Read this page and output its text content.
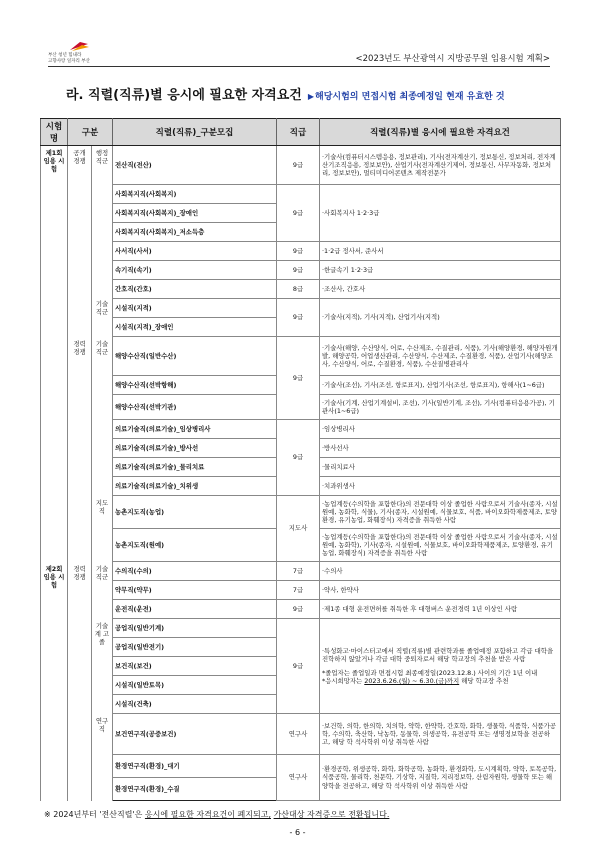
부산 청년 힘내라
고향사랑 일자리 부산	<2023년도 부산광역시 지방공무원 임용시험 계획>
라. 직렬(직류)별 응시에 필요한 자격요건 ▶해당시험의 면접시험 최종예정일 현재 유효한 것
시험명	구분		직렬(직류)_구분모집	직급	직렬(직류)별 응시에 필요한 자격요건
제1회 임용 시험	공개 경쟁	행정 직군	전산직(전산)	9급	·기술사(컴퓨터시스템응용, 정보관리), 기사(전자계산기, 정보통신, 정보처리, 전자계산기조직응용, 정보보안), 산업기사(전자계산기제어, 정보통신, 사무자동화, 정보처리, 정보보안), 멀티미디어콘텐츠 제작전문가
			사회복지직(사회복지)	9급	·사회복지사 1·2·3급
			사회복지직(사회복지)_장애인		
			사회복지직(사회복지)_저소득층		
			사서직(사서)	9급	·1·2급 정사서, 준사서
			속기직(속기)	9급	·한글속기 1·2·3급
		기술 직군	간호직(간호)	8급	·조산사, 간호사
			시설직(지적)	9급	·기술사(지적), 기사(지적), 산업기사(지적)
			시설직(지적)_장애인		
	경력 경쟁	기술 직군	해양수산직(일반수산)	9급	·기술사(해양, 수산양식, 어로, 수산제조, 수질관리, 식품), 기사(해양환경, 해양자원개발, 해양공학, 어업생산관리, 수산양식, 수산제조, 수질환경, 식품), 산업기사(해양조사, 수산양식, 어로, 수질환경, 식품), 수산질병관리사
			해양수산직(선박항해)		·기술사(조선), 기사(조선, 항로표지), 산업기사(조선, 항로표지), 항해사(1~6급)
			해양수산직(선박기관)		·기술사(기계, 산업기계설비, 조선), 기사(일반기계, 조선), 기사(컴퓨터응용가공), 기관사(1~6급)
			의료기술직(의료기술)_임상병리사	9급	·임상병리사
			의료기술직(의료기술)_방사선		·방사선사
			의료기술직(의료기술)_물리치료		·물리치료사
			의료기술직(의료기술)_치위생		·치과위생사
		지도직	농촌지도직(농업)	지도사	·농업계등(수의학을 포함한다)의 전문대학 이상 졸업한 사람으로서 기술사(종자, 시설원예, 농화학, 식물), 기사(종자, 시설원예, 식물보호, 식품, 바이오화학제품제조, 토양환경, 유기농업, 화훼장식) 자격증을 취득한 사람
			농촌지도직(원예)		·농업계등(수의학을 포함한다)의 전문대학 이상 졸업한 사람으로서 기술사(종자, 시설원예, 농화학), 기사(종자, 시설원예, 식물보호, 바이오화학제품제조, 토양환경, 유기농업, 화훼장식) 자격증을 취득한 사람
제2회 임용 시험	경력 경쟁	기술 직군	수의직(수의)	7급	·수의사
			약무직(약무)	7급	·약사, 한약사
			운전직(운전)	9급	·제1종 대형 운전면허를 취득한 후 대형버스 운전경력 1년 이상인 사람
		기술계 고 졸	공업직(일반기계)	9급	·특성화고·마이스터고에서 직렬(직류)별 관련학과를 졸업예정 포함하고 각급 대학을 진학하지 않았거나 각급 대학 중퇴자로서 해당 학교장의 추천을 받은 사람
*졸업자는 졸업일과 면접시험 최종예정일(2023.12.8.) 사이의 기간 1년 이내
*응시희망자는 2023.6.26.(월) ~ 6.30.(금)까지 해당 학교장 추천

			공업직(일반전기)		
			보건직(보건)		
			시설직(일반토목)		
			시설직(건축)		
		연구직	보건연구직(공중보건)	연구사	·보건학, 의학, 한의학, 치의학, 약학, 한약학, 간호학, 화학, 생물학, 식품학, 식품가공학, 수의학, 축산학, 낙농학, 동물학, 의생공학, 유전공학 또는 생명정보학을 전공하고, 해당 학 석사학위 이상 취득한 사람
			환경연구직(환경)_대기	연구사	·환경공학, 위생공학, 화학, 화학공학, 농화학, 환경화학, 도시계획학, 약학, 토목공학, 식품공학, 물리학, 천문학, 기상학, 지질학, 지리정보학, 산림자원학, 생물학 또는 해양학을 전공하고, 해당 학 석사학위 이상 취득한 사람
			환경연구직(환경)_수질		
※ 2024년부터 '전산직렬'은 응시에 필요한 자격요건이 폐지되고, 가산대상 자격증으로 전환됩니다.
- 6 -
